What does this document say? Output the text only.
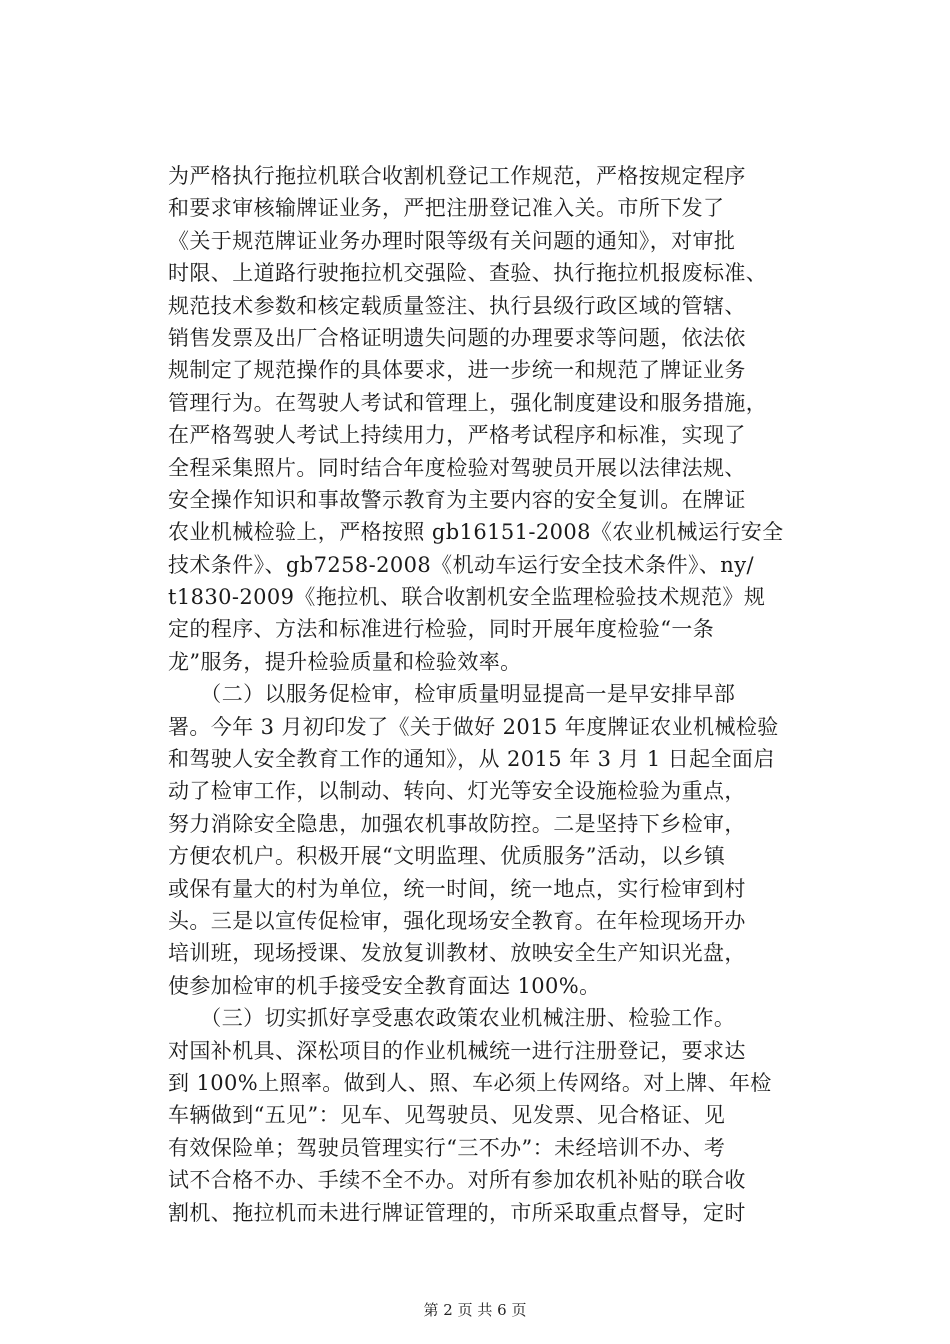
为严格执行拖拉机联合收割机登记工作规范，严格按规定程序
和要求审核输牌证业务，严把注册登记准入关。市所下发了
《关于规范牌证业务办理时限等级有关问题的通知》，对审批
时限、上道路行驶拖拉机交强险、查验、执行拖拉机报废标准、
规范技术参数和核定载质量签注、执行县级行政区域的管辖、
销售发票及出厂合格证明遗失问题的办理要求等问题，依法依
规制定了规范操作的具体要求，进一步统一和规范了牌证业务
管理行为。在驾驶人考试和管理上，强化制度建设和服务措施，
在严格驾驶人考试上持续用力，严格考试程序和标准，实现了
全程采集照片。同时结合年度检验对驾驶员开展以法律法规、
安全操作知识和事故警示教育为主要内容的安全复训。在牌证
农业机械检验上，严格按照 gb16151-2008《农业机械运行安全
技术条件》、gb7258-2008《机动车运行安全技术条件》、ny/
t1830-2009《拖拉机、联合收割机安全监理检验技术规范》规
定的程序、方法和标准进行检验，同时开展年度检验“一条
龙”服务，提升检验质量和检验效率。
　　（二）以服务促检审，检审质量明显提高一是早安排早部
署。今年 3 月初印发了《关于做好 2015 年度牌证农业机械检验
和驾驶人安全教育工作的通知》，从 2015 年 3 月 1 日起全面启
动了检审工作，以制动、转向、灯光等安全设施检验为重点，
努力消除安全隐患，加强农机事故防控。二是坚持下乡检审，
方便农机户。积极开展“文明监理、优质服务”活动，以乡镇
或保有量大的村为单位，统一时间，统一地点，实行检审到村
头。三是以宣传促检审，强化现场安全教育。在年检现场开办
培训班，现场授课、发放复训教材、放映安全生产知识光盘，
使参加检审的机手接受安全教育面达 100%。
　　（三）切实抓好享受惠农政策农业机械注册、检验工作。
对国补机具、深松项目的作业机械统一进行注册登记，要求达
到 100%上照率。做到人、照、车必须上传网络。对上牌、年检
车辆做到“五见”：见车、见驾驶员、见发票、见合格证、见
有效保险单；驾驶员管理实行“三不办”：未经培训不办、考
试不合格不办、手续不全不办。对所有参加农机补贴的联合收
割机、拖拉机而未进行牌证管理的，市所采取重点督导，定时
第 2 页 共 6 页
